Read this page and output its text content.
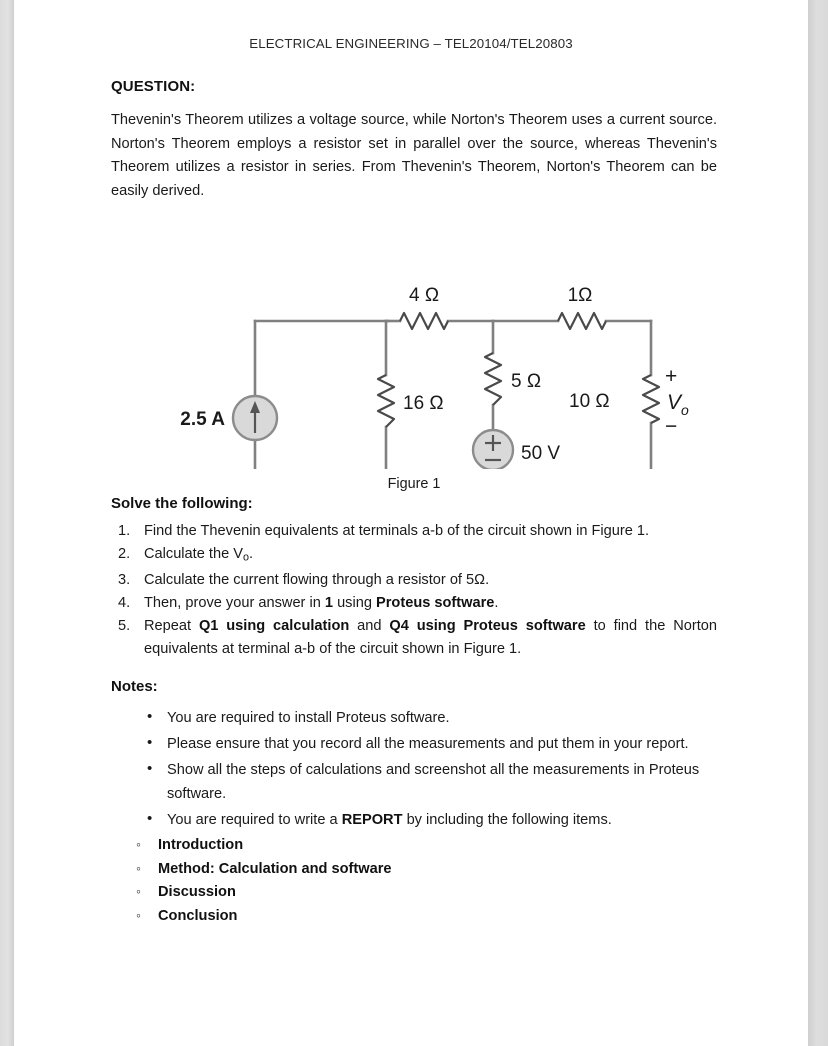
ELECTRICAL ENGINEERING – TEL20104/TEL20803
QUESTION:

Thevenin's Theorem utilizes a voltage source, while Norton's Theorem uses a current source. Norton's Theorem employs a resistor set in parallel over the source, whereas Thevenin's Theorem utilizes a resistor in series. From Thevenin's Theorem, Norton's Theorem can be easily derived.

4 Ω	1Ω
16 Ω
5 Ω
10 Ω
+
V o
−
2.5 A
50 V
Figure 1
Solve the following:
Find the Thevenin equivalents at terminals a-b of the circuit shown in Figure 1.
Calculate the $V_o$.
Calculate the current flowing through a resistor of 5Ω.
Then, prove your answer in 1 using Proteus software.
Repeat Q1 using calculation and Q4 using Proteus software to find the Norton equivalents at terminal a-b of the circuit shown in Figure 1.
Notes:
• You are required to install Proteus software.
• Please ensure that you record all the measurements and put them in your report.
• Show all the steps of calculations and screenshot all the measurements in Proteus software.
• You are required to write a REPORT by including the following items.
◦ Introduction
◦ Method: Calculation and software
◦ Discussion
◦ Conclusion
